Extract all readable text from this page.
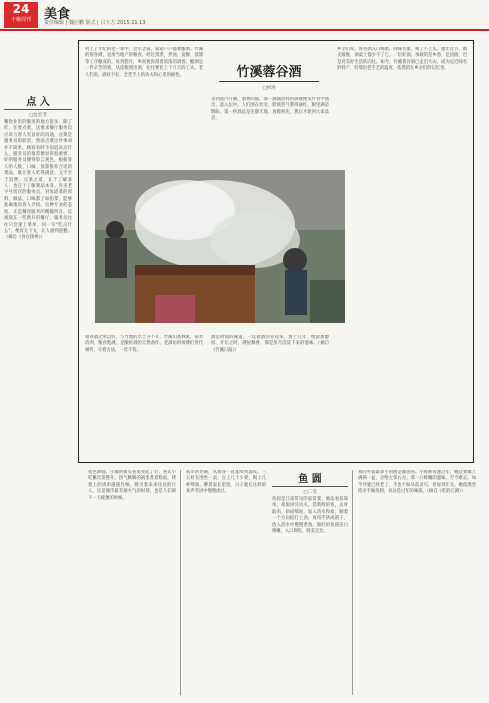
24
十堰周刊	美食
责任编辑 | 魏启鹏 版式 | 吕大方 2015.11.13
点 入
□沈宏非
餐饮业里的服务的地方很多，除了吃，还要点菜，这要求餐厅服务员应该与客人有良好的沟通，点菜是服务员的职责，然而点菜这件事却并不简单。顾客有时不知道该点什么，服务员的推荐便显得很重要。好的服务员懂得察言观色，根据客人的人数、口味、预算推荐合适的菜品，既让客人吃得满意，又不至于浪费。点菜之道，在于了解客人，也在于了解菜品本身。许多老字号饭店的服务员，对每道菜的原料、做法、口味都了如指掌，能够准确地向客人介绍。这种专业的态度，正是餐饮服务的精髓所在。反观现在一些新开的餐厅，服务员往往只会递上菜单，问一句“吃点什么”，便再无下文，让人感到遗憾。（摘自《食在扬州》）
村上了年纪的老一辈中，过年之前，家家户户都要酿酒。竹溪的蓉谷酒，是用当地产的粮食，经过蒸煮、拌曲、发酵、蒸馏等工序酿成的。每到腊月，乡间便弥漫着浓浓的酒香。酿酒是一件辛苦的事，从选粮到出酒，往往要花上十几天的工夫。老人们说，酒好不好，全凭手上的功夫和心里的耐性。	竹溪蓉谷酒
□何进
等到蒸汽升腾，酒香四溢，那一滴滴清亮的酒液便从竹管中流出，落入坛中。人们围在灶旁，脸被热气熏得通红，眼里满是期盼。第一杯酒总是先敬天地，再敬祖先，然后才轮到大家品尝。
乡亲们说，蓉谷酒入口绵柔，回味甘甜，喝了不上头。逢年过节、婚丧嫁娶，酒桌上都少不了它。一坛好酒，承载的是乡愁，是团圆，也是对美好生活的向往。如今，竹溪蓉谷酒已走出大山，成为远近闻名的特产，但那份老手艺的温度，依然留在乡亲们的记忆里。
蓉谷酒之所以好，与当地的水土分不开。竹溪山高林密，泉水清冽，粮食饱满，是酿好酒的天然条件。老酒坊的师傅们世代相传，守着古法，一丝不苟。
酒是时间的味道。一坛新酒封存起来，放上几年，便愈加醇厚。开坛之时，满屋飘香，那是岁月沉淀下来的滋味。（摘自《竹溪日报》）
夜色降临，小城的街头巷尾亮起了灯，各式小吃摊次第摆开。热气腾腾的锅里煮着粉面，烤架上的肉串滋滋作响，吸引着来来往往的行人。这是城市最有烟火气的时刻，也是人们卸下一天疲惫的时候。
夜市的热闹，从黄昏一直延续到深夜。三五好友围坐一桌，点上几个小菜，喝上几杯啤酒，聊着家长里短，日子就在这样的欢声笑语中慢慢流过。
鱼 圆
□二毛
鱼圆是江南常见的家常菜，做法看似简单，却很讲究功夫。选新鲜的鱼，去骨取肉，剁成细泥，加入清水和盐，顺着一个方向搅打上劲，再用手挤成圆子，放入清水中慢慢煮熟。做好的鱼圆洁白细嫩，入口即化，鲜美无比。
我的外婆最拿手的便是做鱼圆。小时候每逢过年，她总要做上满满一盆，分给左邻右舍。那一口鲜嫩的滋味，至今难忘。如今外婆已经老了，手也不如从前灵巧，但每到年关，她依然坚持亲手做鱼圆，说这是过年的味道。（摘自《吃的江湖》）
